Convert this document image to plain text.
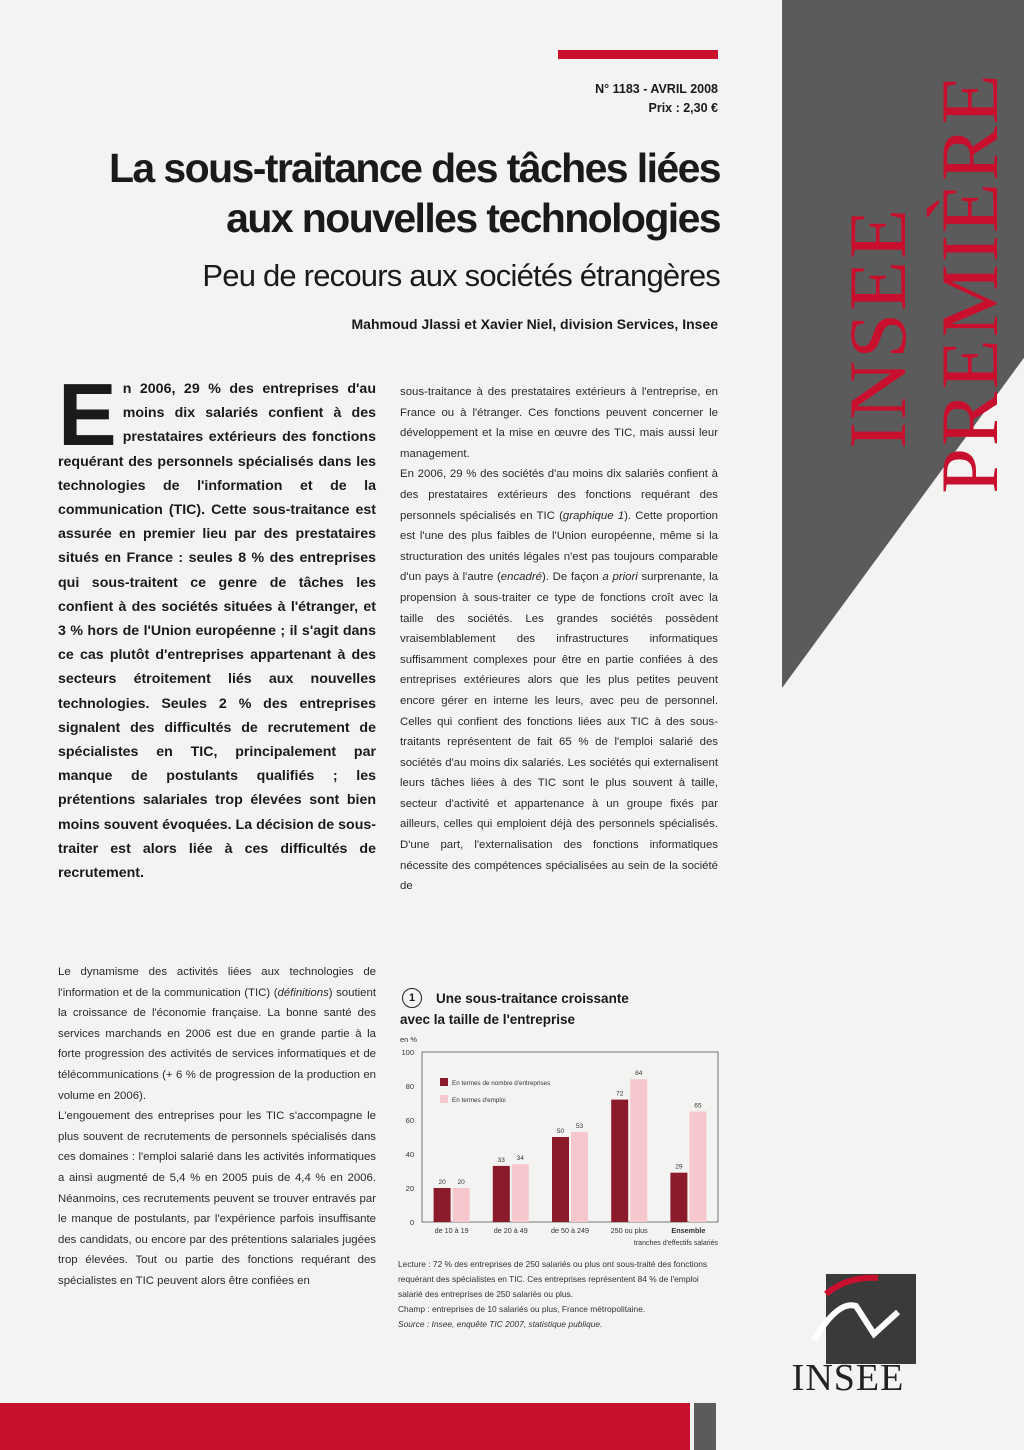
INSEE PREMIÈRE
N° 1183 - AVRIL 2008
Prix : 2,30 €
La sous-traitance des tâches liées
aux nouvelles technologies
Peu de recours aux sociétés étrangères
Mahmoud Jlassi et Xavier Niel, division Services, Insee
En 2006, 29 % des entreprises d'au moins dix salariés confient à des prestataires extérieurs des fonctions requérant des personnels spécialisés dans les technologies de l'information et de la communication (TIC). Cette sous-traitance est assurée en premier lieu par des prestataires situés en France : seules 8 % des entreprises qui sous-traitent ce genre de tâches les confient à des sociétés situées à l'étranger, et 3 % hors de l'Union européenne ; il s'agit dans ce cas plutôt d'entreprises appartenant à des secteurs étroitement liés aux nouvelles technologies. Seules 2 % des entreprises signalent des difficultés de recrutement de spécialistes en TIC, principalement par manque de postulants qualifiés ; les prétentions salariales trop élevées sont bien moins souvent évoquées. La décision de sous-traiter est alors liée à ces difficultés de recrutement.
Le dynamisme des activités liées aux technologies de l'information et de la communication (TIC) (définitions) soutient la croissance de l'économie française. La bonne santé des services marchands en 2006 est due en grande partie à la forte progression des activités de services informatiques et de télécommunications (+ 6 % de progression de la production en volume en 2006).
L'engouement des entreprises pour les TIC s'accompagne le plus souvent de recrutements de personnels spécialisés dans ces domaines : l'emploi salarié dans les activités informatiques a ainsi augmenté de 5,4 % en 2005 puis de 4,4 % en 2006. Néanmoins, ces recrutements peuvent se trouver entravés par le manque de postulants, par l'expérience parfois insuffisante des candidats, ou encore par des prétentions salariales jugées trop élevées. Tout ou partie des fonctions requérant des spécialistes en TIC peuvent alors être confiées en
sous-traitance à des prestataires extérieurs à l'entreprise, en France ou à l'étranger. Ces fonctions peuvent concerner le développement et la mise en œuvre des TIC, mais aussi leur management.
En 2006, 29 % des sociétés d'au moins dix salariés confient à des prestataires extérieurs des fonctions requérant des personnels spécialisés en TIC (graphique 1). Cette proportion est l'une des plus faibles de l'Union européenne, même si la structuration des unités légales n'est pas toujours comparable d'un pays à l'autre (encadré). De façon a priori surprenante, la propension à sous-traiter ce type de fonctions croît avec la taille des sociétés. Les grandes sociétés possèdent vraisemblablement des infrastructures informatiques suffisamment complexes pour être en partie confiées à des entreprises extérieures alors que les plus petites peuvent encore gérer en interne les leurs, avec peu de personnel. Celles qui confient des fonctions liées aux TIC à des sous-traitants représentent de fait 65 % de l'emploi salarié des sociétés d'au moins dix salariés. Les sociétés qui externalisent leurs tâches liées à des TIC sont le plus souvent à taille, secteur d'activité et appartenance à un groupe fixés par ailleurs, celles qui emploient déjà des personnels spécialisés. D'une part, l'externalisation des fonctions informatiques nécessite des compétences spécialisées au sein de la société de
1	Une sous-traitance croissante
avec la taille de l'entreprise
en %
0
20
40
60
80
100
20 20
de 10 à 19
33 34
de 20 à 49
50
53
de 50 à 249
72
84
250 ou plus
29
65
Ensemble
tranches d'effectifs salariés
En termes de nombre d'entreprises
En termes d'emploi
Lecture : 72 % des entreprises de 250 salariés ou plus ont sous-traité des fonctions requérant des spécialistes en TIC. Ces entreprises représentent 84 % de l'emploi salarié des entreprises de 250 salariés ou plus.
Champ : entreprises de 10 salariés ou plus, France métropolitaine.
Source : Insee, enquête TIC 2007, statistique publique.
INSEE
